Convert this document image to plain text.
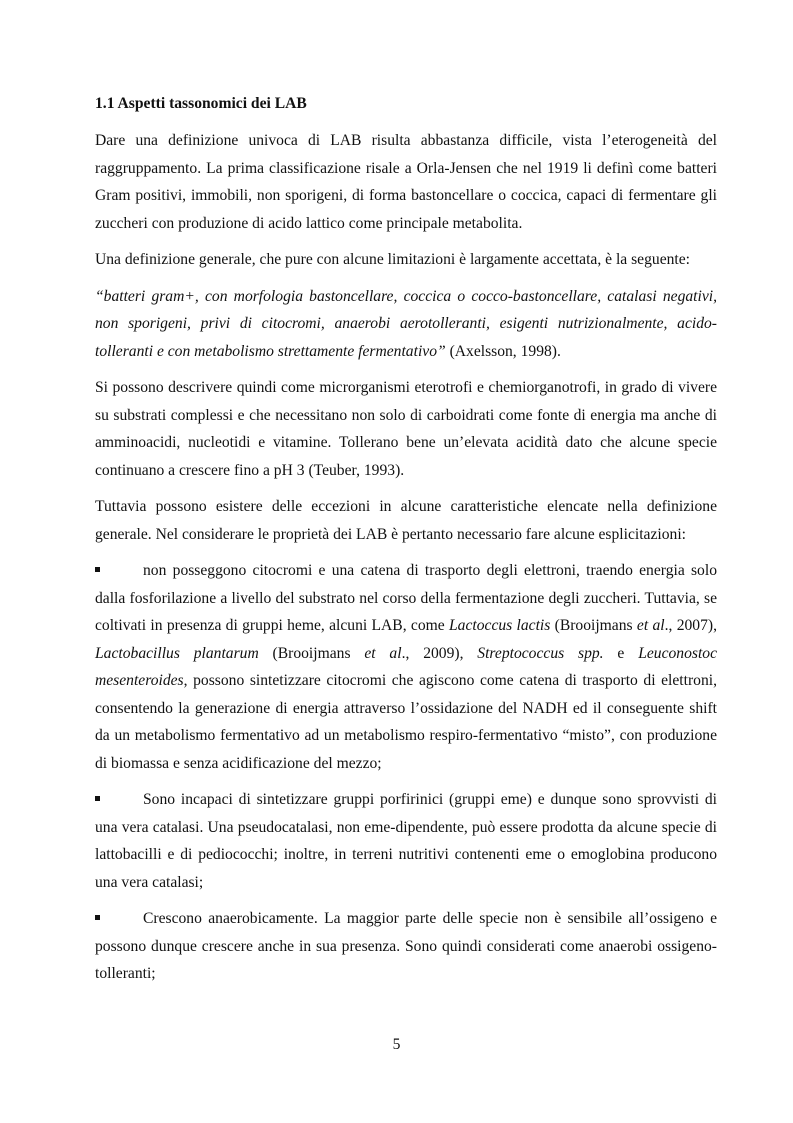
1.1 Aspetti tassonomici dei LAB

Dare una definizione univoca di LAB risulta abbastanza difficile, vista l’eterogeneità del raggruppamento. La prima classificazione risale a Orla-Jensen che nel 1919 li definì come batteri Gram positivi, immobili, non sporigeni, di forma bastoncellare o coccica, capaci di fermentare gli zuccheri con produzione di acido lattico come principale metabolita.

Una definizione generale, che pure con alcune limitazioni è largamente accettata, è la seguente:

“batteri gram+, con morfologia bastoncellare, coccica o cocco-bastoncellare, catalasi negativi, non sporigeni, privi di citocromi, anaerobi aerotolleranti, esigenti nutrizionalmente, acido-tolleranti e con metabolismo strettamente fermentativo” (Axelsson, 1998).

Si possono descrivere quindi come microrganismi eterotrofi e chemiorganotrofi, in grado di vivere su substrati complessi e che necessitano non solo di carboidrati come fonte di energia ma anche di amminoacidi, nucleotidi e vitamine. Tollerano bene un’elevata acidità dato che alcune specie continuano a crescere fino a pH 3 (Teuber, 1993).

Tuttavia possono esistere delle eccezioni in alcune caratteristiche elencate nella definizione generale. Nel considerare le proprietà dei LAB è pertanto necessario fare alcune esplicitazioni:

non posseggono citocromi e una catena di trasporto degli elettroni, traendo energia solo dalla fosforilazione a livello del substrato nel corso della fermentazione degli zuccheri. Tuttavia, se coltivati in presenza di gruppi heme, alcuni LAB, come Lactoccus lactis (Brooijmans et al., 2007), Lactobacillus plantarum (Brooijmans et al., 2009), Streptococcus spp. e Leuconostoc mesenteroides, possono sintetizzare citocromi che agiscono come catena di trasporto di elettroni, consentendo la generazione di energia attraverso l’ossidazione del NADH ed il conseguente shift da un metabolismo fermentativo ad un metabolismo respiro-fermentativo “misto”, con produzione di biomassa e senza acidificazione del mezzo;

Sono incapaci di sintetizzare gruppi porfirinici (gruppi eme) e dunque sono sprovvisti di una vera catalasi. Una pseudocatalasi, non eme-dipendente, può essere prodotta da alcune specie di lattobacilli e di pediococchi; inoltre, in terreni nutritivi contenenti eme o emoglobina producono una vera catalasi;

Crescono anaerobicamente. La maggior parte delle specie non è sensibile all’ossigeno e possono dunque crescere anche in sua presenza. Sono quindi considerati come anaerobi ossigeno-tolleranti;

5
